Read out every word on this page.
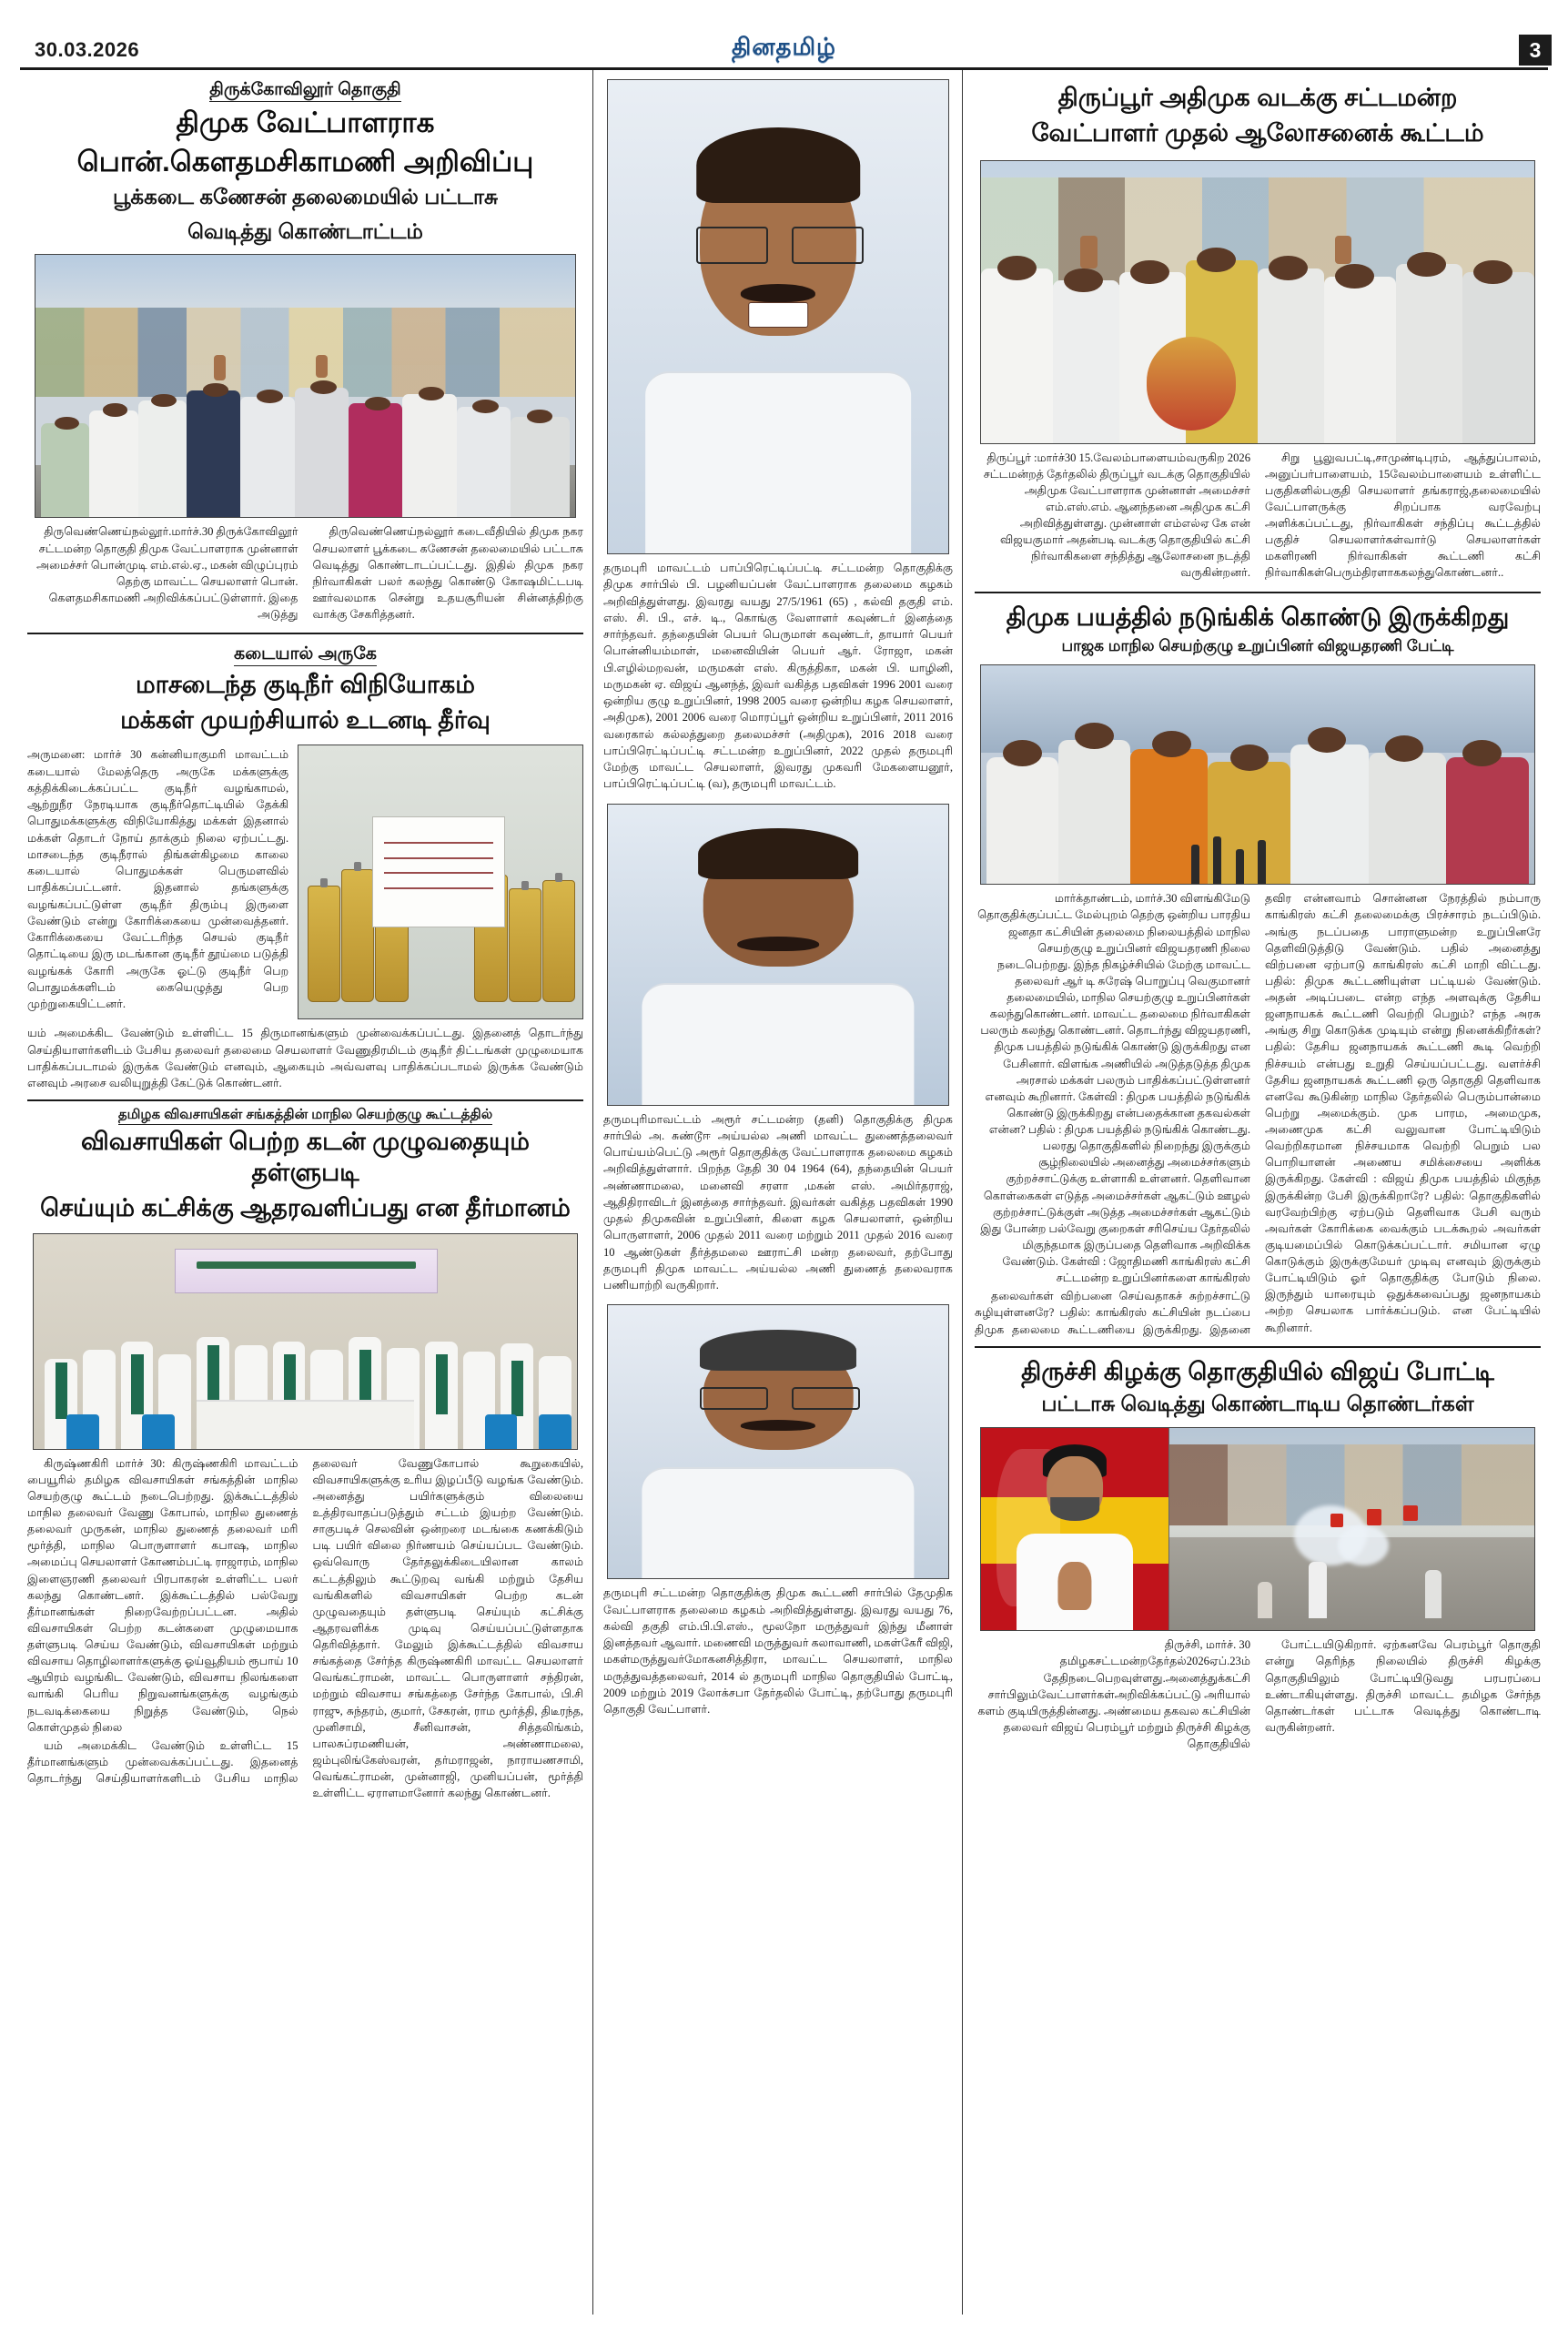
30.03.2026	தினதமிழ்	3
திருக்கோவிலூர் தொகுதி
திமுக வேட்பாளராக
பொன்.கௌதமசிகாமணி அறிவிப்பு
பூக்கடை கணேசன் தலைமையில் பட்டாசு
வெடித்து கொண்டாட்டம்

திருவெண்ணெய்நல்லூர்.மார்ச்.30 திருக்கோவிலூர் சட்டமன்ற தொகுதி திமுக வேட்பாளராக முன்னாள் அமைச்சர் பொன்முடி எம்.எல்.ஏ., மகன் விழுப்புரம் தெற்கு மாவட்ட செயலாளர் பொன். கௌதமசிகாமணி அறிவிக்கப்பட்டுள்ளார். இதை அடுத்து

திருவெண்ணெய்நல்லூர் கடைவீதியில் திமுக நகர செயலாளர் பூக்கடை கணேசன் தலைமையில் பட்டாசு வெடித்து கொண்டாடப்பட்டது. இதில் திமுக நகர நிர்வாகிகள் பலர் கலந்து கொண்டு கோஷமிட்டபடி ஊர்வலமாக சென்று உதயசூரியன் சின்னத்திற்கு வாக்கு சேகரித்தனர்.

கடையால் அருகே
மாசடைந்த குடிநீர் விநியோகம்
மக்கள் முயற்சியால் உடனடி தீர்வு
அருமனை: மார்ச் 30 கன்னியாகுமரி மாவட்டம் கடையால் மேலத்தெரு அருகே மக்களுக்கு கத்திக்கிடைக்கப்பட்ட குடிநீர் வழங்காமல், ஆற்றுநீர நேரடியாக குடிநீர்தொட்டியில் தேக்கி பொதுமக்களுக்கு விநியோகித்து மக்கள் இதனால் மக்கள் தொடர் நோய் தாக்கும் நிலை ஏற்பட்டது. மாசடைந்த குடிநீரால் திங்கள்கிழமை காலை கடையால் பொதுமக்கள் பெருமளவில் பாதிக்கப்பட்டனர். இதனால் தங்களுக்கு வழங்கப்பட்டுள்ள குடிநீர் திரும்பு இருளை வேண்டும் என்று கோரிக்கையை முன்வைத்தனர். கோரிக்கையை வேட்டரிந்த செயல் குடிநீர் தொட்டியை இரு மடங்கான குடிநீர் தூய்மை படுத்தி வழங்கக் கோரி அருகே ஓட்டு குடிநீர் பெற பொதுமக்களிடம் கையெழுத்து பெற முற்றுகையிட்டனர்.
யம் அமைக்கிட வேண்டும் உள்ளிட்ட 15 திருமானங்களும் முன்வைக்கப்பட்டது. இதனைத் தொடர்ந்து செய்தியாளர்களிடம் பேசிய தலைவர் தலைமை செயலாளர் வேணுதிரமிடம் குடிநீர் திட்டங்கள் முழுமையாக பாதிக்கப்படாமல் இருக்க வேண்டும் எனவும், ஆகையும் அவ்வளவு பாதிக்கப்படாமல் இருக்க வேண்டும் எனவும் அரசை வலியுறுத்தி கேட்டுக் கொண்டனர்.
தமிழக விவசாயிகள் சங்கத்தின் மாநில செயற்குழு கூட்டத்தில்
விவசாயிகள் பெற்ற கடன் முழுவதையும் தள்ளுபடி
செய்யும் கட்சிக்கு ஆதரவளிப்பது என தீர்மானம்

கிருஷ்ணகிரி மார்ச் 30: கிருஷ்ணகிரி மாவட்டம் பையூரில் தமிழக விவசாயிகள் சங்கத்தின் மாநில செயற்குழு கூட்டம் நடைபெற்றது. இக்கூட்டத்தில் மாநில தலைவர் வேணு கோபால், மாநில துணைத் தலைவர் முருகன், மாநில துணைத் தலைவர் மரி மூர்த்தி, மாநில பொருளாளர் கபாஷ, மாநில அமைப்பு செயலாளர் கோணம்பட்டி ராஜாரம், மாநில இளைஞரணி தலைவர் பிரபாகரன் உள்ளிட்ட பலர் கலந்து கொண்டனர். இக்கூட்டத்தில் பல்வேறு தீர்மானங்கள் நிறைவேற்றப்பட்டன. அதில் விவசாயிகள் பெற்ற கடன்களை முழுமையாக தள்ளுபடி செய்ய வேண்டும், விவசாயிகள் மற்றும் விவசாய தொழிலாளர்களுக்கு ஓய்வூதியம் ரூபாய் 10 ஆயிரம் வழங்கிட வேண்டும், விவசாய நிலங்களை வாங்கி பெரிய நிறுவனங்களுக்கு வழங்கும் நடவடிக்கையை நிறுத்த வேண்டும், நெல் கொள்முதல் நிலை

யம் அமைக்கிட வேண்டும் உள்ளிட்ட 15 தீர்மானங்களும் முன்வைக்கப்பட்டது. இதனைத் தொடர்ந்து செய்தியாளர்களிடம் பேசிய மாநில தலைவர் வேணுகோபால் கூறுகையில், விவசாயிகளுக்கு உரிய இழப்பீடு வழங்க வேண்டும். அனைத்து பயிர்களுக்கும் விலையை உத்திரவாதப்படுத்தும் சட்டம் இயற்ற வேண்டும். சாகுபடிச் செலவின் ஒன்றரை மடங்கை கணக்கிடும் படி பயிர் விலை நிர்ணயம் செய்யப்பட வேண்டும். ஒவ்வொரு தேர்தலுக்கிடையிலான காலம் கட்டத்திலும் கூட்டுறவு வங்கி மற்றும் தேசிய வங்கிகளில் விவசாயிகள் பெற்ற கடன் முழுவதையும் தள்ளுபடி செய்யும் கட்சிக்கு ஆதரவளிக்க முடிவு செய்யப்பட்டுள்ளதாக தெரிவித்தார். மேலும் இக்கூட்டத்தில் விவசாய சங்கத்தை சேர்ந்த கிருஷ்ணகிரி மாவட்ட செயலாளர் வெங்கட்ராமன், மாவட்ட பொருளாளர் சந்திரன், மற்றும் விவசாய சங்கத்தை சேர்ந்த கோபால், பி.சி ராஜு, சுந்தரம், குமார், சேகரன், ராம மூர்த்தி, திடீரந்த, முனிசாமி, சீனிவாசன், சித்தலிங்கம், பாலசுப்ரமணியன், அண்ணாமலை, ஜம்புலிங்கேஸ்வரன், தர்மராஜன், நாராயணசாமி, வெங்கட்ராமன், முன்னாஜி, முனியப்பன், மூர்த்தி உள்ளிட்ட ஏராளமானோர் கலந்து கொண்டனர்.

தருமபுரி மாவட்டம் பாப்பிரெட்டிப்பட்டி சட்டமன்ற தொகுதிக்கு திமுக சார்பில் பி. பழனியப்பன் வேட்பாளராக தலைமை கழகம் அறிவித்துள்ளது. இவரது வயது 27/5/1961 (65) , கல்வி தகுதி எம். எஸ். சி. பி., எச். டி., கொங்கு வேளாளர் கவுண்டர் இனத்தை சார்ந்தவர். தந்தையின் பெயர் பெருமாள் கவுண்டர், தாயார் பெயர் பொன்னியம்மாள், மனைவியின் பெயர் ஆர். ரோஜா, மகன் பி.எழில்மறவன், மருமகள் எஸ். கிருத்திகா, மகன் பி. யாழினி, மருமகன் ஏ. விஜய் ஆனந்த், இவர் வகித்த பதவிகள் 1996 2001 வரை ஒன்றிய குழு உறுப்பினர், 1998 2005 வரை ஒன்றிய கழக செயலாளர், அதிமுக), 2001 2006 வரை மொரப்பூர் ஒன்றிய உறுப்பினர், 2011 2016 வரைகால் கல்லத்துறை தலைமச்சர் (அதிமுக), 2016 2018 வரை பாப்பிரெட்டிப்பட்டி சட்டமன்ற உறுப்பினர், 2022 முதல் தருமபுரி மேற்கு மாவட்ட செயலாளர், இவரது முகவரி மேகளையனூர், பாப்பிரெட்டிப்பட்டி (வ), தருமபுரி மாவட்டம்.
தருமபுரிமாவட்டம் அரூர் சட்டமன்ற (தனி) தொகுதிக்கு திமுக சார்பில் அ. சுண்டூஈ அய்யல்ல அணி மாவட்ட துணைத்தலைவர் பொய்யம்பெட்டு அரூர் தொகுதிக்கு வேட்பாளராக தலைமை கழகம் அறிவித்துள்ளார். பிறந்த தேதி 30 04 1964 (64), தந்தையின் பெயர் அண்ணாமலை, மனைவி சரளா ,மகன் எஸ். அமிர்தராஜ், ஆதிதிராவிடர் இனத்தை சார்ந்தவர். இவர்கள் வகித்த பதவிகள் 1990 முதல் திமுகவின் உறுப்பினர், கிளை கழக செயலாளர், ஒன்றிய பொருளாளர், 2006 முதல் 2011 வரை மற்றும் 2011 முதல் 2016 வரை 10 ஆண்டுகள் தீர்த்தமலை ஊராட்சி மன்ற தலைவர், தற்போது தருமபுரி திமுக மாவட்ட அய்யல்ல அணி துணைத் தலைவராக பணியாற்றி வருகிறார்.
தருமபுரி சட்டமன்ற தொகுதிக்கு திமுக கூட்டணி சார்பில் தேமுதிக வேட்பாளராக தலைமை கழகம் அறிவித்துள்ளது. இவரது வயது 76, கல்வி தகுதி எம்.பி.பி.எஸ்., மூலநோ மருத்துவர் இந்து மீனாள் இனத்தவர் ஆவார். மணைவி மருத்துவர் கலாவாணி, மகள்கேரீ விஜி, மகள்மருத்துவர்மோகனசித்திரா, மாவட்ட செயலாளர், மாநில மருத்துவத்தலைவர், 2014 ல் தருமபுரி மாநில தொகுதியில் போட்டி, 2009 மற்றும் 2019 லோக்சபா தேர்தலில் போட்டி, தற்போது தருமபுரி தொகுதி வேட்பாளர்.
திருப்பூர் அதிமுக வடக்கு சட்டமன்ற
வேட்பாளர் முதல் ஆலோசனைக் கூட்டம்

திருப்பூர் :மார்ச்30 15.வேலம்பாளையம்வருகிற 2026 சட்டமன்றத் தேர்தலில் திருப்பூர் வடக்கு தொகுதியில் அதிமுக வேட்பாளராக முன்னாள் அமைச்சர் எம்.எஸ்.எம். ஆனந்தனை அதிமுக கட்சி அறிவித்துள்ளது. முன்னாள் எம்எல்ஏ கே என் விஜயகுமார் அதன்படி வடக்கு தொகுதியில் கட்சி நிர்வாகிகளை சந்தித்து ஆலோசனை நடத்தி வருகின்றனர்.

சிறு பூலுவபட்டி,சாமுண்டிபுரம், ஆத்துப்பாலம், அனுப்பர்பாளையம், 15வேலம்பாளையம் உள்ளிட்ட பகுதிகளில்பகுதி செயலாளர் தங்கராஜ்,தலைமையில் வேட்பாளருக்கு சிறப்பாக வரவேற்பு அளிக்கப்பட்டது, நிர்வாகிகள் சந்திப்பு கூட்டத்தில் பகுதிச் செயலாளர்கள்வார்டு செயலாளர்கள் மகளிரணி நிர்வாகிகள் கூட்டணி கட்சி நிர்வாகிகள்பெரும்திரளாககலந்துகொண்டனர்..

திமுக பயத்தில் நடுங்கிக் கொண்டு இருக்கிறது
பாஜக மாநில செயற்குழு உறுப்பினர் விஜயதரணி பேட்டி

மார்க்தாண்டம், மார்ச்.30 விளங்கிமேடு தொகுதிக்குப்பட்ட மேல்புறம் தெற்கு ஒன்றிய பாரதிய ஜனதா கட்சியின் தலைமை நிலையத்தில் மாநில செயற்குழு உறுப்பினர் விஜயதரணி நிலை நடைபெற்றது. இந்த நிகழ்ச்சியில் மேற்கு மாவட்ட தலைவர் ஆர் டி சுரேஷ் பொறுப்பு வெகுமானர் தலைமையில், மாநில செயற்குழு உறுப்பினர்கள் கலந்துகொண்டனர். மாவட்ட தலைமை நிர்வாகிகள் பலரும் கலந்து கொண்டனர். தொடர்ந்து விஜயதரணி, திமுக பயத்தில் நடுங்கிக் கொண்டு இருக்கிறது என பேசினார். விளங்க அணியில் அடுத்தடுத்த திமுக அரசால் மக்கள் பலரும் பாதிக்கப்பட்டுள்ளனர் எனவும் கூறினார். கேள்வி : திமுக பயத்தில் நடுங்கிக் கொண்டு இருக்கிறது என்பதைக்கான தகவல்கள் என்ன? பதில் : திமுக பயத்தில் நடுங்கிக் கொண்டது. பலரது தொகுதிகளில் நிறைந்து இருக்கும் சூழ்நிலையில் அனைத்து அமைச்சர்களும் குற்றச்சாட்டுக்கு உள்ளாகி உள்ளனர். தெளிவான கொள்கைகள் எடுத்த அமைச்சர்கள் ஆகட்டும் ஊழல் குற்றச்சாட்டுக்குள் அடுத்த அமைச்சர்கள் ஆகட்டும் இது போன்ற பல்வேறு குறைகள் சரிசெய்ய தேர்தலில் மிகுந்தமாக இருப்பதை தெளிவாக அறிவிக்க வேண்டும். கேள்வி : ஜோதிமணி காங்கிரஸ் கட்சி சட்டமன்ற உறுப்பினர்களை காங்கிரஸ்

தலைவர்கள் விற்பனை செய்வதாகச் சுற்றச்சாட்டு சுழியுள்ளனரே? பதில்: காங்கிரஸ் கட்சியின் நடப்பை திமுக தலைமை கூட்டணியை இருக்கிறது. இதனை தவிர என்னவாம் சொன்னன நேரத்தில் நம்பாரு காங்கிரஸ் கட்சி தலைமைக்கு பிரச்சாரம் நடப்பிடும். அங்கு நடப்பதை பாராளுமன்ற உறுப்பினரே தெளிவிடுத்திடு வேண்டும். பதில் அனைத்து விற்பனை ஏற்பாடு காங்கிரஸ் கட்சி மாறி விட்டது. பதில்: திமுக கூட்டணியுள்ள பட்டியல் வேண்டும். அதன் அடிப்படை என்ற எந்த அளவுக்கு தேசிய ஜனநாயகக் கூட்டணி வெற்றி பெறும்? எந்த அரசு அங்கு சிறு கொடுக்க முடியும் என்று நினைக்கிறீர்கள்? பதில்: தேசிய ஜனநாயகக் கூட்டணி கூடி வெற்றி நிச்சயம் என்பது உறுதி செய்யப்பட்டது. வளர்ச்சி தேசிய ஜனநாயகக் கூட்டணி ஒரு தொகுதி தெளிவாக எனவே கூடுகின்ற மாநில தேர்தலில் பெரும்பான்மை பெற்று அமைக்கும். முக பாரம, அமைமுக, அணைமுக கட்சி வலுவான போட்டியிடும் வெற்றிகரமான நிச்சயமாக வெற்றி பெறும் பல பொறியாளன் அணைய சமிக்சையை அளிக்க இருக்கிறது. கேள்வி : விஜய் திமுக பயத்தில் மிகுந்த இருக்கின்ற பேசி இருக்கிறாரே? பதில்: தொகுதிகளில் வரவேற்பிற்கு ஏற்படும் தெளிவாக பேசி வரும் அவர்கள் கோரிக்கை வைக்கும் படக்கூறல் அவர்கள் குடியமைப்பில் கொடுக்கப்பட்டார். சமியான ஏழு கொடுக்கும் இருக்குமேயர் முடிவு எனவும் இருக்கும் போட்டியிடும் ஓர் தொகுதிக்கு போடும் நிலை. இருந்தும் யாரையும் ஒதுக்கவைப்பது ஜனநாயகம் அற்ற செயலாக பார்க்கப்படும். என பேட்டியில் கூறினார்.

திருச்சி கிழக்கு தொகுதியில் விஜய் போட்டி
பட்டாசு வெடித்து கொண்டாடிய தொண்டர்கள்

திருச்சி, மார்ச். 30 தமிழகசட்டமன்றதேர்தல்2026ஏப்.23ம் தேதிநடைபெறவுள்ளது.அனைத்துக்கட்சி சார்பிலும்வேட்பாளர்கள்அறிவிக்கப்பட்டு அரியால் களம் குடியிருத்தின்னது. அண்மைய தகவல கட்சியின் தலைவர் விஜய் பெரம்பூர் மற்றும் திருச்சி கிழக்கு தொகுதியில்

போட்டயிடுகிறார். ஏற்கனவே பெரம்பூர் தொகுதி என்று தெரிந்த நிலையில் திருச்சி கிழக்கு தொகுதியிலும் போட்டியிடுவது பரபரப்பை உண்டாகியுள்ளது. திருச்சி மாவட்ட தமிழக சேர்ந்த தொண்டர்கள் பட்டாசு வெடித்து கொண்டாடி வருகின்றனர்.
